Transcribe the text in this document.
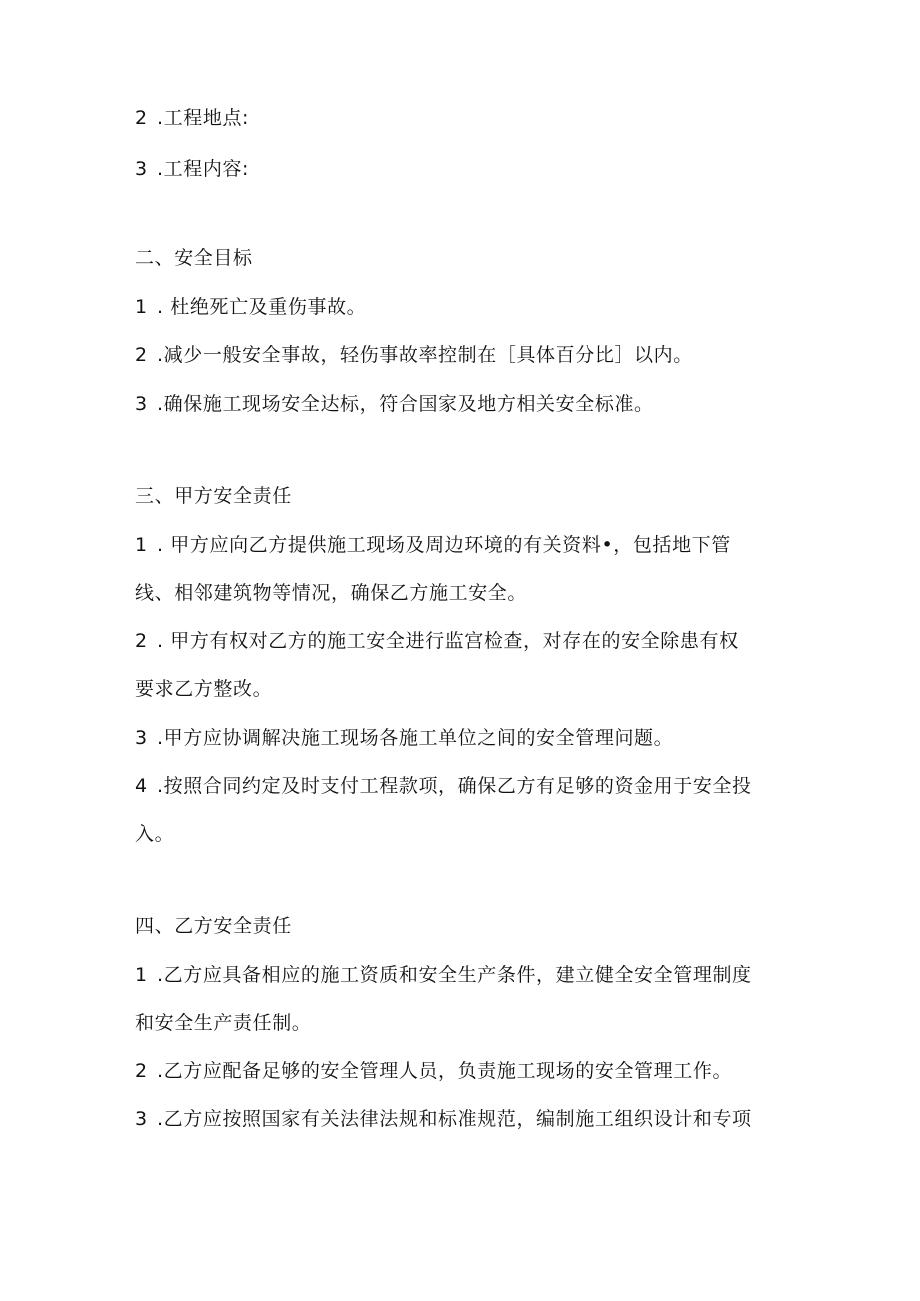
2 .工程地点:
3 .工程内容:
二、安全目标
1 . 杜绝死亡及重伤事故。
2 .减少一般安全事故，轻伤事故率控制在［具体百分比］以内。
3 .确保施工现场安全达标，符合国家及地方相关安全标准。
三、甲方安全责任
1 . 甲方应向乙方提供施工现场及周边环境的有关资料•，包括地下管
线、相邻建筑物等情况，确保乙方施工安全。
2 . 甲方有权对乙方的施工安全进行监宫检查，对存在的安全除患有权
要求乙方整改。
3 .甲方应协调解决施工现场各施工单位之间的安全管理问题。
4 .按照合同约定及时支付工程款项，确保乙方有足够的资金用于安全投
入。
四、乙方安全责任
1 .乙方应具备相应的施工资质和安全生产条件，建立健全安全管理制度
和安全生产责任制。
2 .乙方应配备足够的安全管理人员，负责施工现场的安全管理工作。
3 .乙方应按照国家有关法律法规和标准规范，编制施工组织设计和专项
